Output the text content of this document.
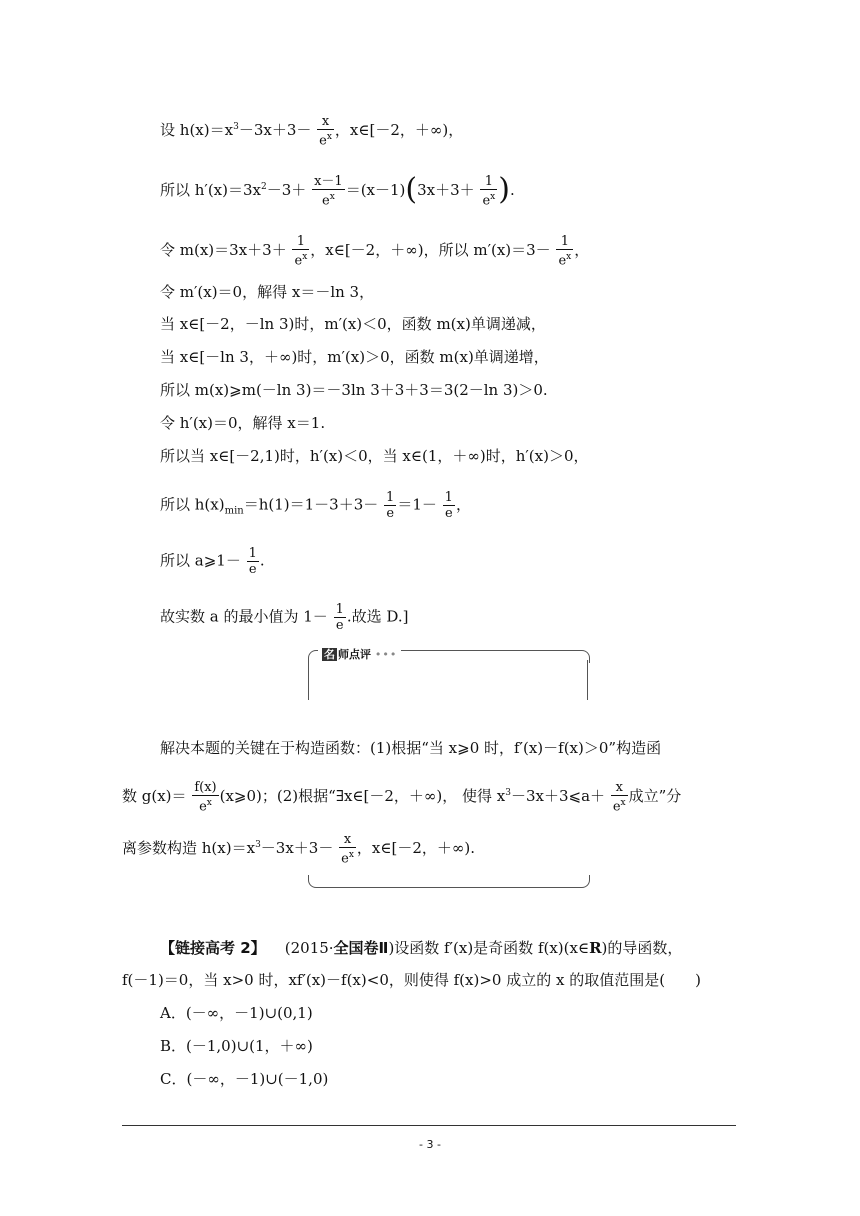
设 $h(x)=x^3-3x+3- \frac{x}{e^x}$ ，x∈[－2，＋∞)，
所以 $h'(x)=3x^2-3+ \frac{x-1}{e^x} =(x-1)(3x+3+ \frac{1}{e^x}$ ).
令 $m(x)=3x+3+ \frac{1}{e^x}$ ，x∈[－2，＋∞)，所以 $m'(x)=3- \frac{1}{e^x}$ ，
令 m′(x)＝0，解得 x＝－ln 3，
当 x∈[－2，－ln 3)时，m′(x)＜0，函数 m(x)单调递减，
当 x∈[－ln 3，＋∞)时，m′(x)＞0，函数 m(x)单调递增，
所以 m(x)⩾m(－ln 3)＝－3ln 3＋3＋3＝3(2－ln 3)＞0.
令 h′(x)＝0，解得 x＝1.
所以当 x∈[－2,1)时，h′(x)＜0，当 x∈(1，＋∞)时，h′(x)＞0，
所以 $h(x)_{min}=h(1)=1-3+3- \frac{1}{e} =1- \frac{1}{e}$ ，
所以 a⩾1－ $\frac{1}{e}$ .
故实数 a 的最小值为 $1- \frac{1}{e}$ .故选 D.]
名 师点评 •••
解决本题的关键在于构造函数：(1)根据“当 x⩾0 时，f′(x)－f(x)＞0”构造函
数 $g(x)= \frac{f(x)}{e^x}$ (x⩾0)；(2)根据“∃x∈[－2，＋∞)， 使得 $x^3-3x+3⩽a+ \frac{x}{e^x}$ 成立”分
离参数构造 $h(x)=x^3-3x+3- \frac{x}{e^x}$ ，x∈[－2，＋∞).
【链接高考 2】 (2015·全国卷Ⅱ)设函数 f′(x)是奇函数 f(x)(x∈R)的导函数，
f(－1)＝0，当 x>0 时，xf′(x)－f(x)<0，则使得 f(x)>0 成立的 x 的取值范围是(　　)
A．(－∞，－1)∪(0,1)
B．(－1,0)∪(1，＋∞)
C．(－∞，－1)∪(－1,0)
- 3 -
